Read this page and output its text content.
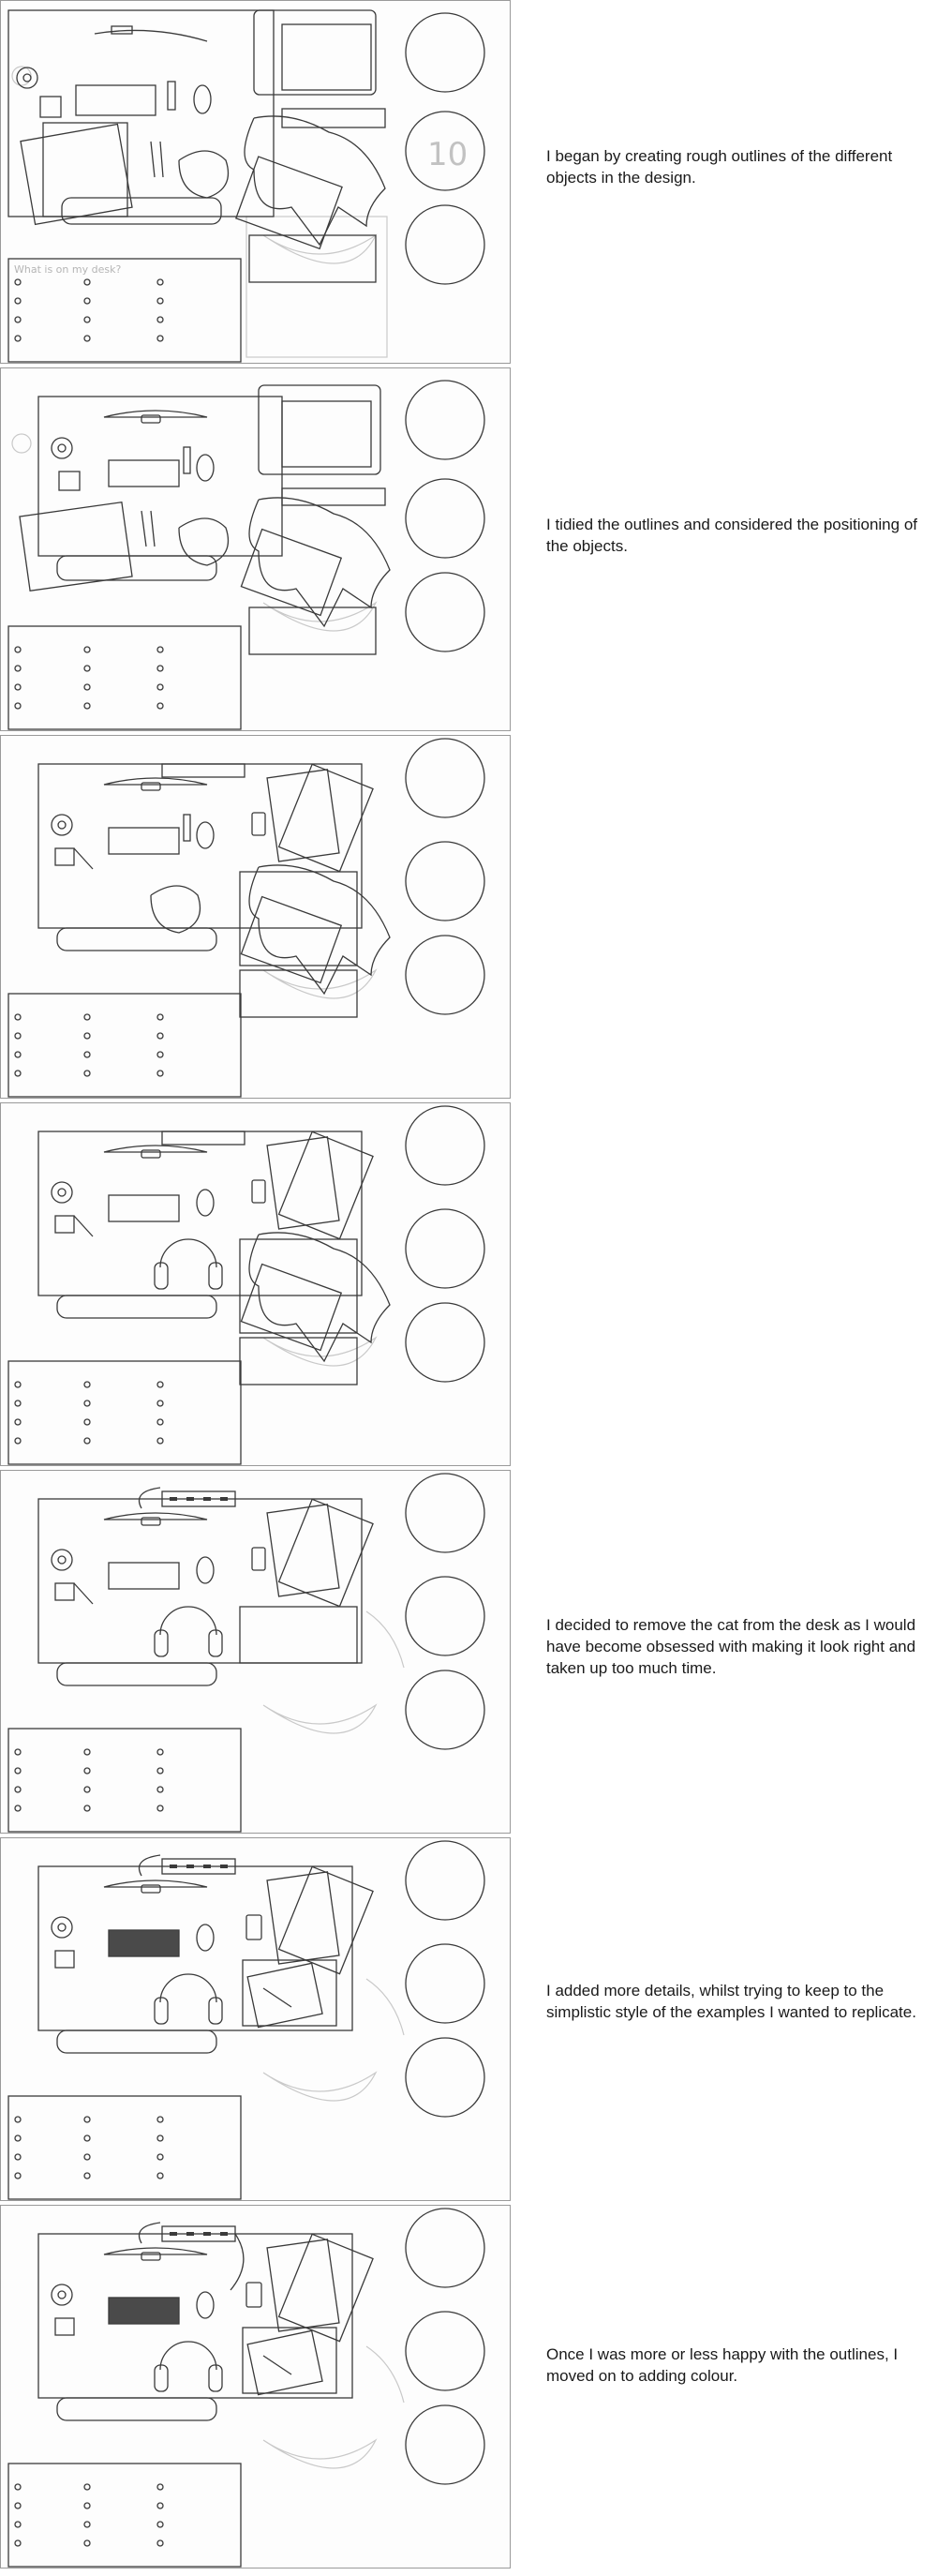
10
What is on my desk?

I began by creating rough outlines of the different objects in the design.

I tidied the outlines and considered the positioning of the objects.

I decided to remove the cat from the desk as I would have become obsessed with making it look right and taken up too much time.

I added more details, whilst trying to keep to the simplistic style of the examples I wanted to replicate.

Once I was more or less happy with the outlines, I moved on to adding colour.
